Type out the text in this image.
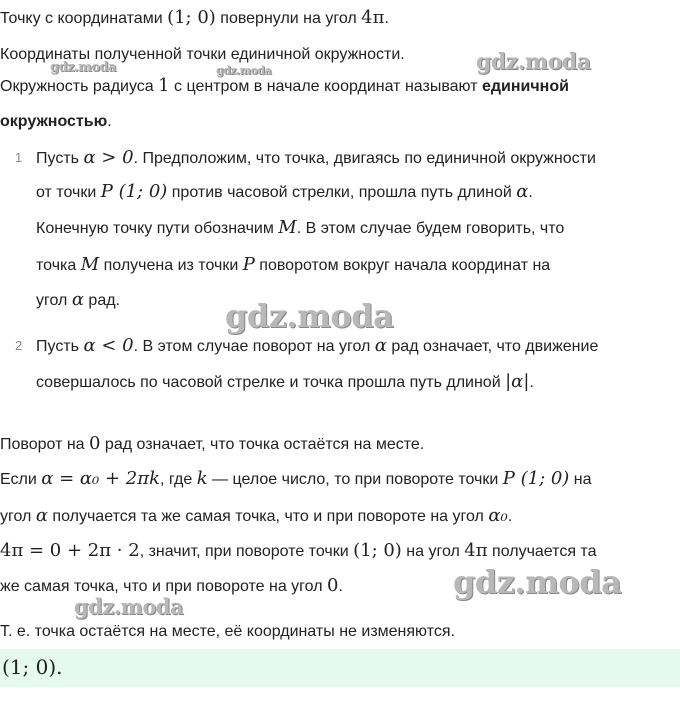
Точку с координатами (1; 0) повернули на угол 4π.
Координаты полученной точки единичной окружности.
Окружность радиуса 1 с центром в начале координат называют единичной
окружностью.
1 Пусть α > 0. Предположим, что точка, двигаясь по единичной окружности
от точки P (1; 0) против часовой стрелки, прошла путь длиной α.
Конечную точку пути обозначим M. В этом случае будем говорить, что
точка M получена из точки P поворотом вокруг начала координат на
угол α рад.
2 Пусть α < 0. В этом случае поворот на угол α рад означает, что движение
совершалось по часовой стрелке и точка прошла путь длиной |α|.
Поворот на 0 рад означает, что точка остаётся на месте.
Если α = α₀ + 2πk, где k — целое число, то при повороте точки P (1; 0) на
угол α получается та же самая точка, что и при повороте на угол α₀.
4π = 0 + 2π · 2, значит, при повороте точки (1; 0) на угол 4π получается та
же самая точка, что и при повороте на угол 0.
Т. е. точка остаётся на месте, её координаты не изменяются.
(1; 0).
gdz.moda
gdz.moda	gdz.moda
gdz.moda
gdz.moda
gdz.moda
